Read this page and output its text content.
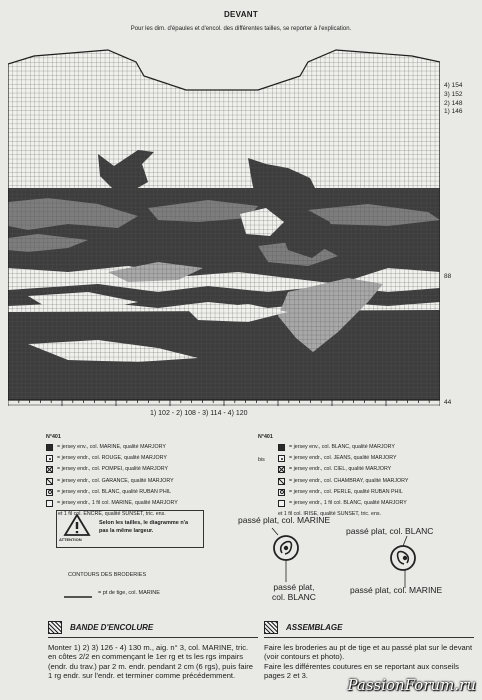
DEVANT
Pour les dim. d'épaules et d'encol. des différentes tailles, se reporter à l'explication.
4) 154
3) 152
2) 148
1) 146
88
44
1) 102 - 2) 108 - 3) 114 - 4) 120
N°401
= jersey env., col. MARINE, qualité MARJORY
= jersey endr., col. ROUGE, qualité MARJORY
= jersey endr., col. POMPEI, qualité MARJORY
= jersey endr., col. GARANCE, qualité MARJORY
= jersey endr., col. BLANC, qualité RUBAN PHIL
= jersey endr., 1 fil col. MARINE, qualité MARJORY
et 1 fil col. ENCRE, qualité SUNSET, tric. ens.
N°401
bis
= jersey env., col. BLANC, qualité MARJORY
= jersey endr., col. JEANS, qualité MARJORY
= jersey endr., col. CIEL, qualité MARJORY
= jersey endr., col. CHAMBRAY, qualité MARJORY
= jersey endr., col. PERLE, qualité RUBAN PHIL
= jersey endr., 1 fil col. BLANC, qualité MARJORY
et 1 fil col. IRISE, qualité SUNSET, tric. ens.
ATTENTION
Selon les tailles, le diagramme n'a pas la même largeur.
CONTOURS DES BRODERIES
= pt de tige, col. MARINE
passé plat, col. MARINE
passé plat, col. BLANC
passé plat,
col. BLANC
passé plat, col. MARINE
BANDE D'ENCOLURE
Monter 1) 2) 3) 126 - 4) 130 m., aig. n° 3, col. MARINE, tric. en côtes 2/2 en commençant le 1er rg et ts les rgs impairs (endr. du trav.) par 2 m. endr. pendant 2 cm (6 rgs), puis faire 1 rg endr. sur l'endr. et terminer comme précédemment.
ASSEMBLAGE
Faire les broderies au pt de tige et au passé plat sur le devant (voir contours et photo).
Faire les différentes coutures en se reportant aux conseils pages 2 et 3.
PassionForum.ru
